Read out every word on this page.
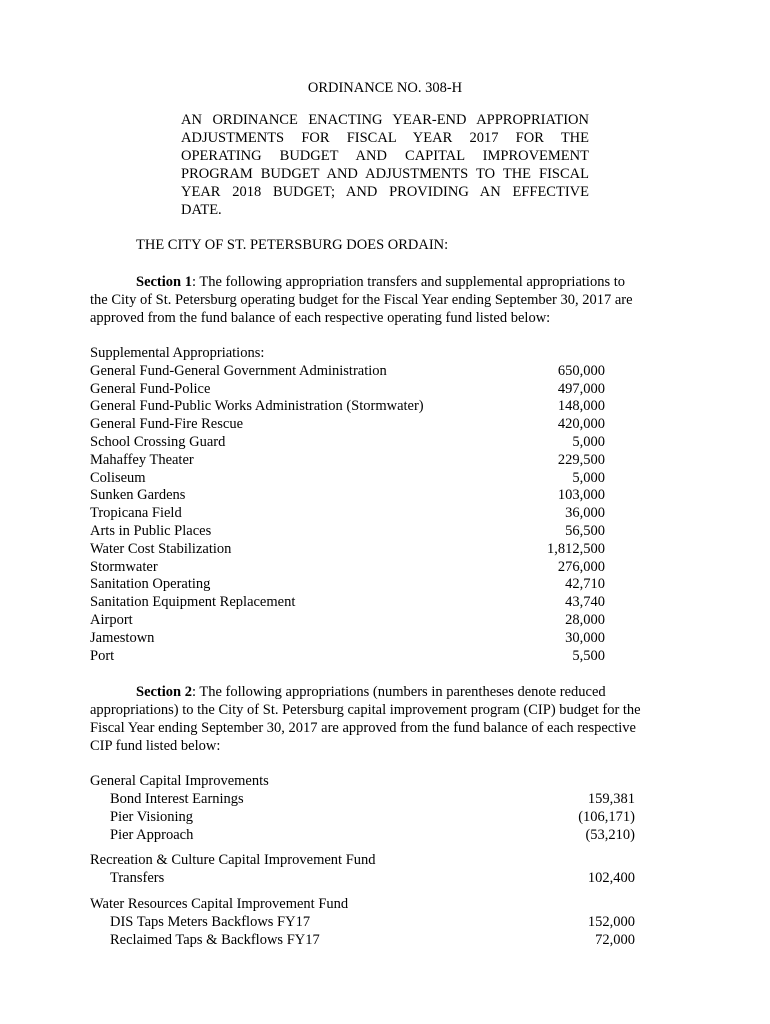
ORDINANCE NO. 308-H
AN ORDINANCE ENACTING YEAR-END APPROPRIATION
ADJUSTMENTS FOR FISCAL YEAR 2017 FOR THE
OPERATING BUDGET AND CAPITAL IMPROVEMENT
PROGRAM BUDGET AND ADJUSTMENTS TO THE FISCAL
YEAR 2018 BUDGET; AND PROVIDING AN EFFECTIVE
DATE.
THE CITY OF ST. PETERSBURG DOES ORDAIN:
Section 1: The following appropriation transfers and supplemental appropriations to
the City of St. Petersburg operating budget for the Fiscal Year ending September 30, 2017 are
approved from the fund balance of each respective operating fund listed below:
Supplemental Appropriations:
General Fund-General Government Administration	650,000
General Fund-Police	497,000
General Fund-Public Works Administration (Stormwater)	148,000
General Fund-Fire Rescue	420,000
School Crossing Guard	5,000
Mahaffey Theater	229,500
Coliseum	5,000
Sunken Gardens	103,000
Tropicana Field	36,000
Arts in Public Places	56,500
Water Cost Stabilization	1,812,500
Stormwater	276,000
Sanitation Operating	42,710
Sanitation Equipment Replacement	43,740
Airport	28,000
Jamestown	30,000
Port	5,500
Section 2: The following appropriations (numbers in parentheses denote reduced
appropriations) to the City of St. Petersburg capital improvement program (CIP) budget for the
Fiscal Year ending September 30, 2017 are approved from the fund balance of each respective
CIP fund listed below:
General Capital Improvements
Bond Interest Earnings	159,381
Pier Visioning	(106,171)
Pier Approach	(53,210)
Recreation & Culture Capital Improvement Fund
Transfers	102,400
Water Resources Capital Improvement Fund
DIS Taps Meters Backflows FY17	152,000
Reclaimed Taps & Backflows FY17	72,000
